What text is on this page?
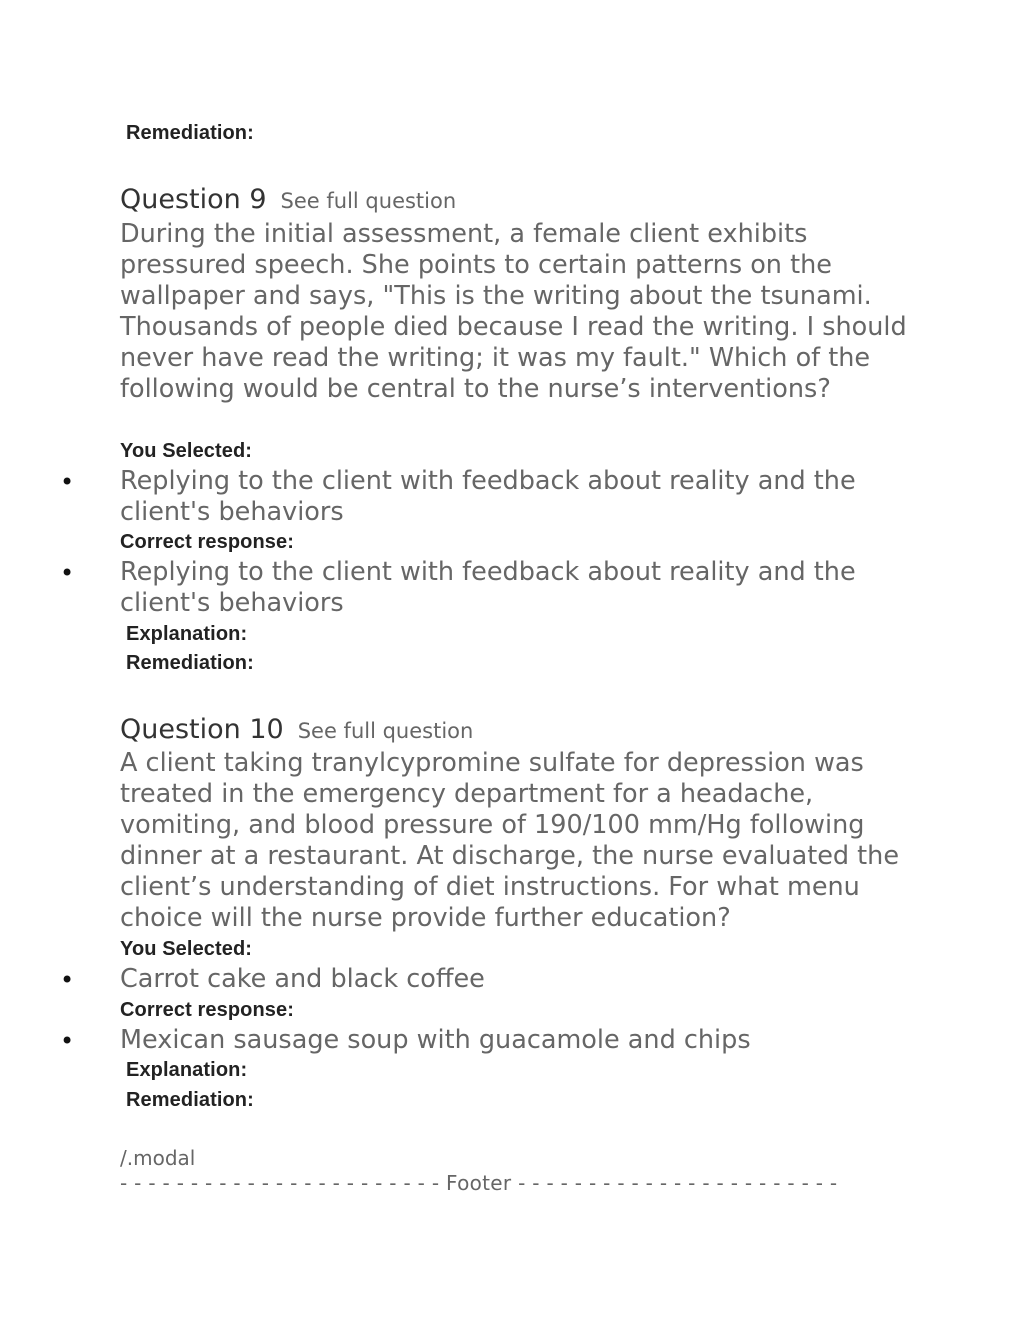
Remediation:
Question 9 See full question
During the initial assessment, a female client exhibits pressured speech. She points to certain patterns on the wallpaper and says, "This is the writing about the tsunami. Thousands of people died because I read the writing. I should never have read the writing; it was my fault." Which of the following would be central to the nurse’s interventions?
You Selected:
• Replying to the client with feedback about reality and the client's behaviors
Correct response:
• Replying to the client with feedback about reality and the client's behaviors
Explanation:
Remediation:
Question 10 See full question
A client taking tranylcypromine sulfate for depression was treated in the emergency department for a headache, vomiting, and blood pressure of 190/100 mm/Hg following dinner at a restaurant. At discharge, the nurse evaluated the client’s understanding of diet instructions. For what menu choice will the nurse provide further education?
You Selected:
• Carrot cake and black coffee
Correct response:
• Mexican sausage soup with guacamole and chips
Explanation:
Remediation:
/.modal
- - - - - - - - - - - - - - - - - - - - - - - Footer - - - - - - - - - - - - - - - - - - - - - - -
